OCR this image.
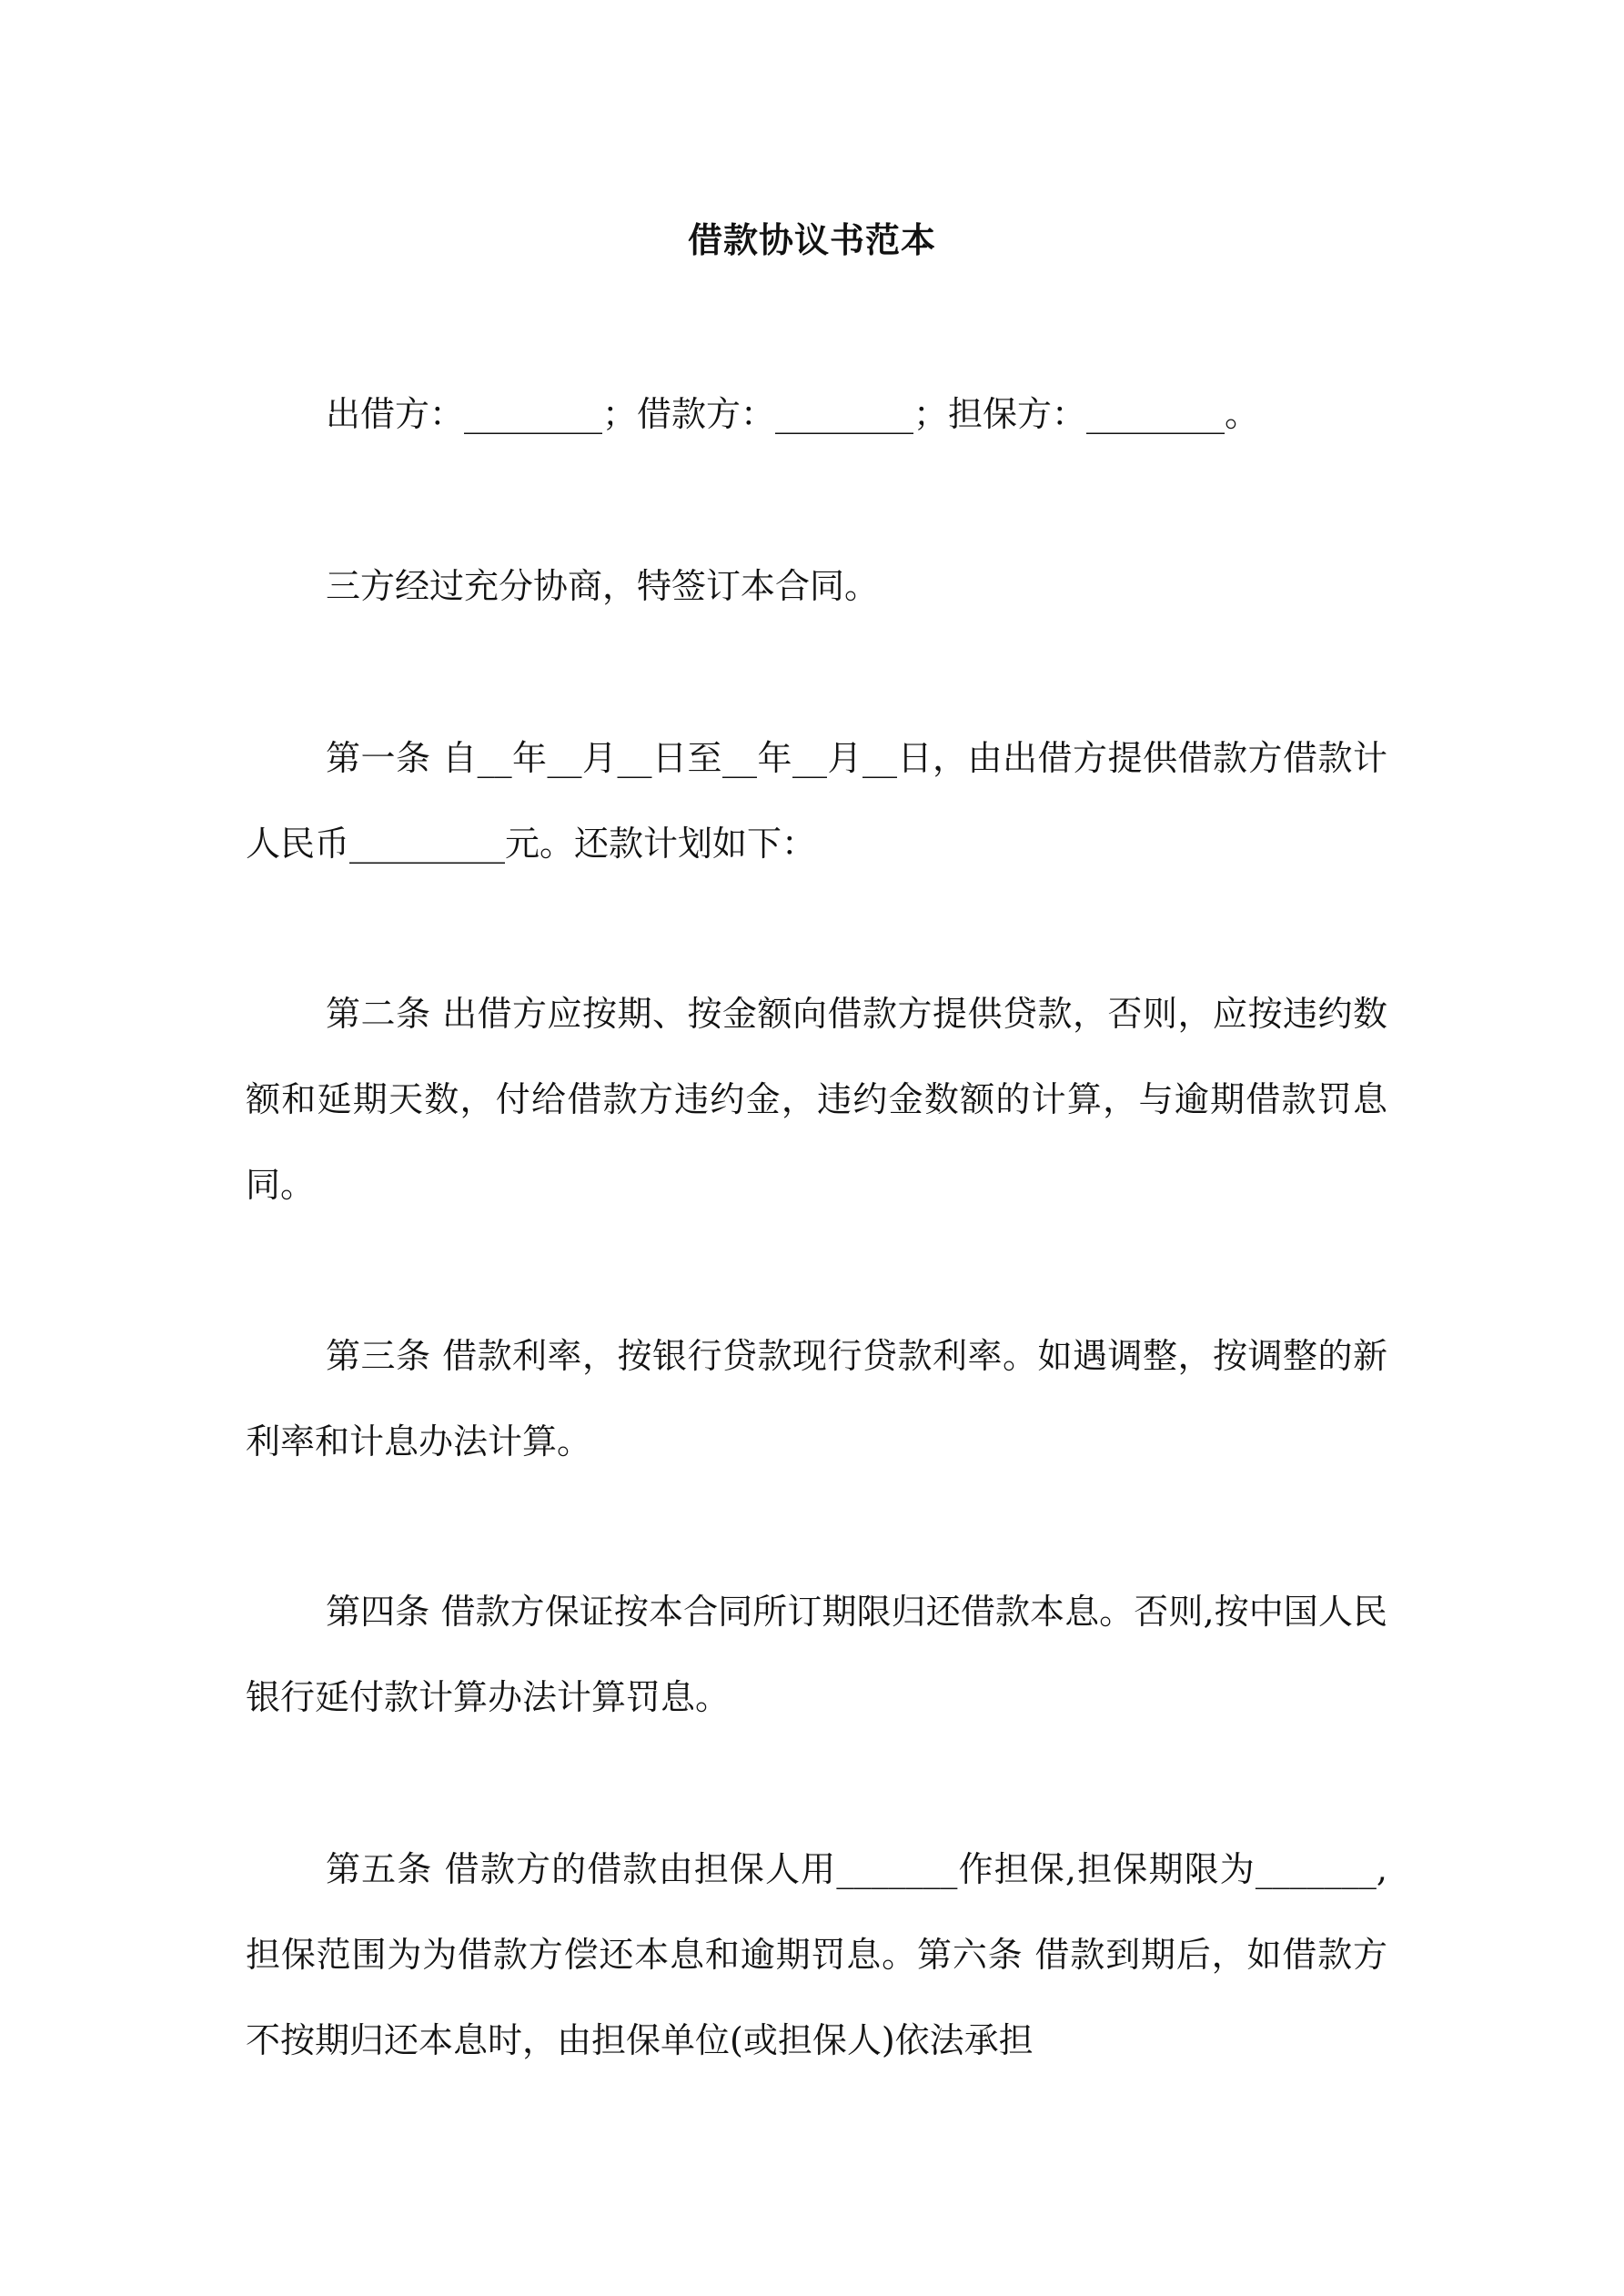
借款协议书范本

出借方：________；借款方：________；担保方：________。

三方经过充分协商，特签订本合同。

第一条 自__年__月__日至__年__月__日，由出借方提供借款方借款计人民币_________元。还款计划如下：

第二条 出借方应按期、按金额向借款方提供贷款，否则，应按违约数额和延期天数，付给借款方违约金，违约金数额的计算，与逾期借款罚息同。

第三条 借款利率，按银行贷款现行贷款利率。如遇调整，按调整的新利率和计息办法计算。

第四条 借款方保证按本合同所订期限归还借款本息。否则,按中国人民银行延付款计算办法计算罚息。

第五条 借款方的借款由担保人用_______作担保,担保期限为_______,担保范围为为借款方偿还本息和逾期罚息。第六条 借款到期后，如借款方不按期归还本息时，由担保单位(或担保人)依法承担
